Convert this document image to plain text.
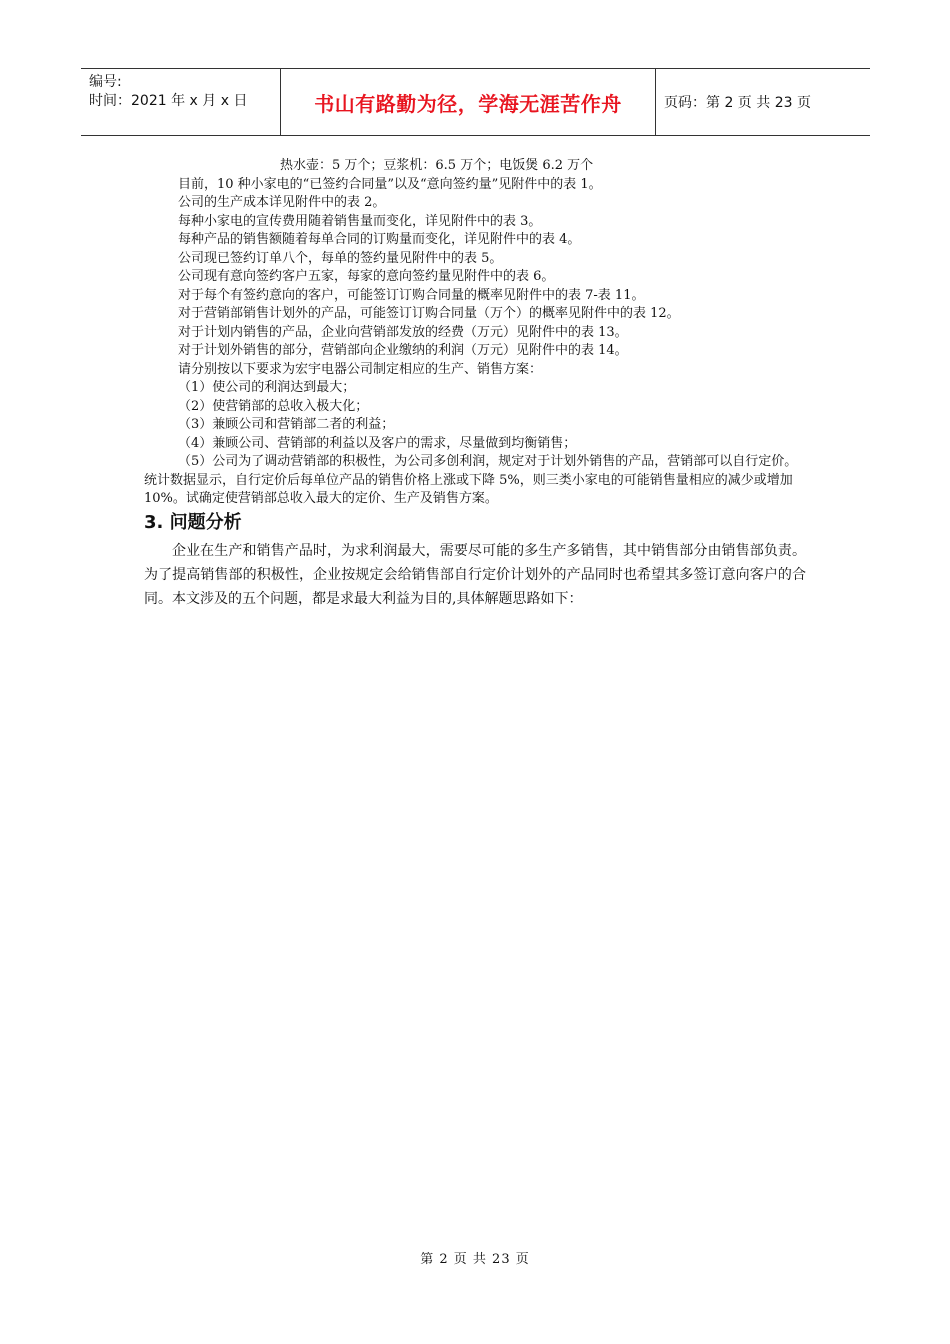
编号:
时间：2021 年 x 月 x 日	书山有路勤为径，学海无涯苦作舟	页码：第 2 页 共 23 页

热水壶：5 万个；豆浆机：6.5 万个；电饭煲 6.2 万个

目前，10 种小家电的“已签约合同量”以及“意向签约量”见附件中的表 1。

公司的生产成本详见附件中的表 2。

每种小家电的宣传费用随着销售量而变化，详见附件中的表 3。

每种产品的销售额随着每单合同的订购量而变化，详见附件中的表 4。

公司现已签约订单八个，每单的签约量见附件中的表 5。

公司现有意向签约客户五家，每家的意向签约量见附件中的表 6。

对于每个有签约意向的客户，可能签订订购合同量的概率见附件中的表 7-表 11。

对于营销部销售计划外的产品，可能签订订购合同量（万个）的概率见附件中的表 12。

对于计划内销售的产品，企业向营销部发放的经费（万元）见附件中的表 13。

对于计划外销售的部分，营销部向企业缴纳的利润（万元）见附件中的表 14。

请分别按以下要求为宏宇电器公司制定相应的生产、销售方案：

（1）使公司的利润达到最大；

（2）使营销部的总收入极大化；

（3）兼顾公司和营销部二者的利益；

（4）兼顾公司、营销部的利益以及客户的需求，尽量做到均衡销售；

（5）公司为了调动营销部的积极性，为公司多创利润，规定对于计划外销售的产品，营销部可以自行定价。统计数据显示，自行定价后每单位产品的销售价格上涨或下降 5%，则三类小家电的可能销售量相应的减少或增加 10%。试确定使营销部总收入最大的定价、生产及销售方案。

3. 问题分析

企业在生产和销售产品时，为求利润最大，需要尽可能的多生产多销售，其中销售部分由销售部负责。为了提高销售部的积极性，企业按规定会给销售部自行定价计划外的产品同时也希望其多签订意向客户的合同。本文涉及的五个问题，都是求最大利益为目的,具体解题思路如下：

第 2 页 共 23 页
